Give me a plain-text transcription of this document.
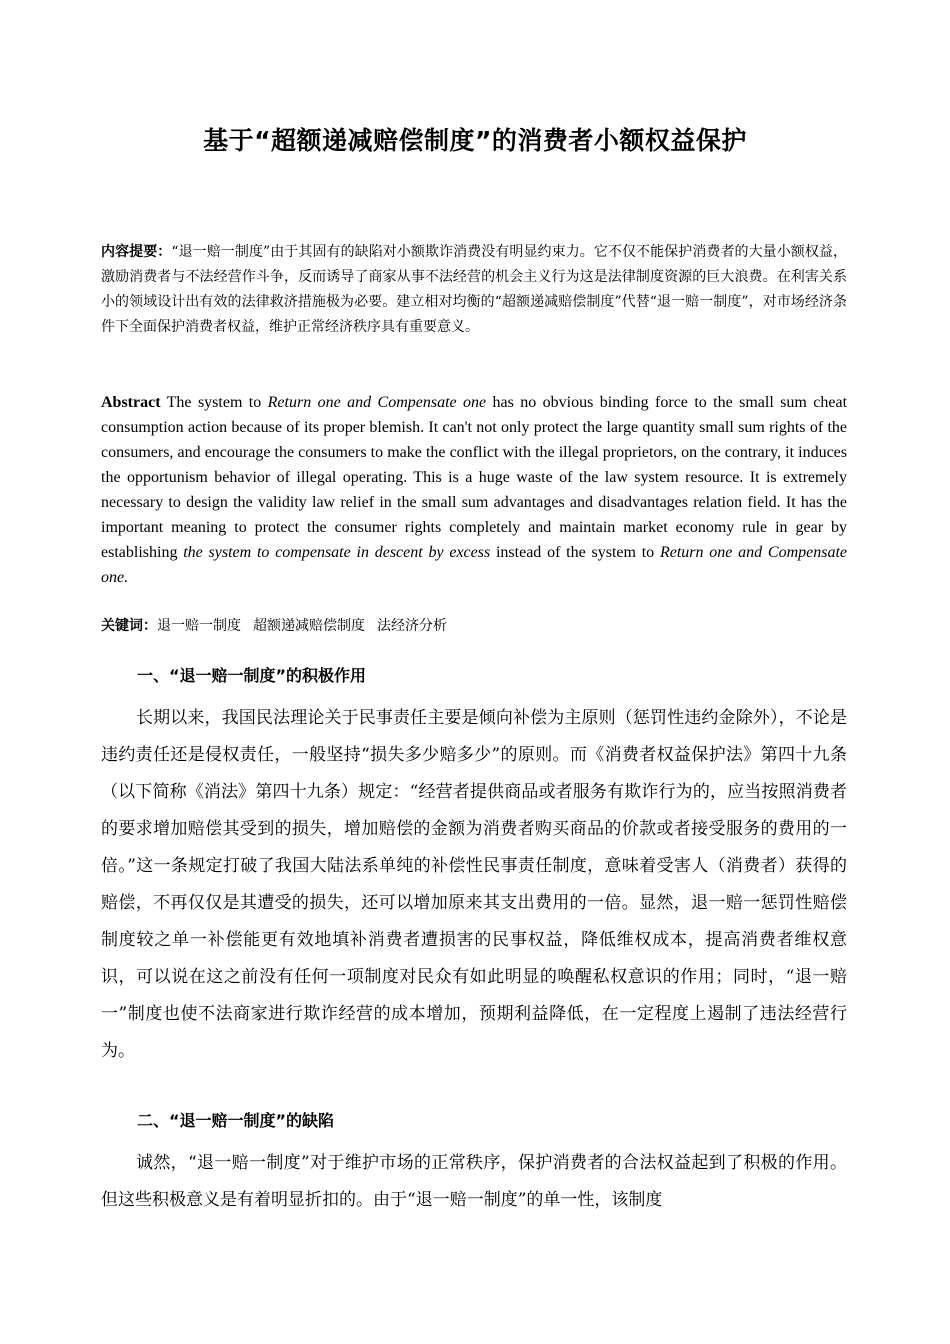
基于“超额递减赔偿制度”的消费者小额权益保护
内容提要：“退一赔一制度”由于其固有的缺陷对小额欺诈消费没有明显约束力。它不仅不能保护消费者的大量小额权益，激励消费者与不法经营作斗争，反而诱导了商家从事不法经营的机会主义行为这是法律制度资源的巨大浪费。在利害关系小的领域设计出有效的法律救济措施极为必要。建立相对均衡的“超额递减赔偿制度”代替“退一赔一制度”，对市场经济条件下全面保护消费者权益，维护正常经济秩序具有重要意义。
Abstract The system to Return one and Compensate one has no obvious binding force to the small sum cheat consumption action because of its proper blemish. It can't not only protect the large quantity small sum rights of the consumers, and encourage the consumers to make the conflict with the illegal proprietors, on the contrary, it induces the opportunism behavior of illegal operating. This is a huge waste of the law system resource. It is extremely necessary to design the validity law relief in the small sum advantages and disadvantages relation field. It has the important meaning to protect the consumer rights completely and maintain market economy rule in gear by establishing the system to compensate in descent by excess instead of the system to Return one and Compensate one.
关键词：退一赔一制度 超额递减赔偿制度 法经济分析
一、“退一赔一制度”的积极作用
长期以来，我国民法理论关于民事责任主要是倾向补偿为主原则（惩罚性违约金除外），不论是违约责任还是侵权责任，一般坚持“损失多少赔多少”的原则。而《消费者权益保护法》第四十九条（以下简称《消法》第四十九条）规定：“经营者提供商品或者服务有欺诈行为的，应当按照消费者的要求增加赔偿其受到的损失，增加赔偿的金额为消费者购买商品的价款或者接受服务的费用的一倍。”这一条规定打破了我国大陆法系单纯的补偿性民事责任制度，意味着受害人（消费者）获得的赔偿，不再仅仅是其遭受的损失，还可以增加原来其支出费用的一倍。显然，退一赔一惩罚性赔偿制度较之单一补偿能更有效地填补消费者遭损害的民事权益，降低维权成本，提高消费者维权意识，可以说在这之前没有任何一项制度对民众有如此明显的唤醒私权意识的作用；同时，“退一赔一”制度也使不法商家进行欺诈经营的成本增加，预期利益降低，在一定程度上遏制了违法经营行为。
二、“退一赔一制度”的缺陷
诚然，“退一赔一制度”对于维护市场的正常秩序，保护消费者的合法权益起到了积极的作用。但这些积极意义是有着明显折扣的。由于“退一赔一制度”的单一性，该制度
